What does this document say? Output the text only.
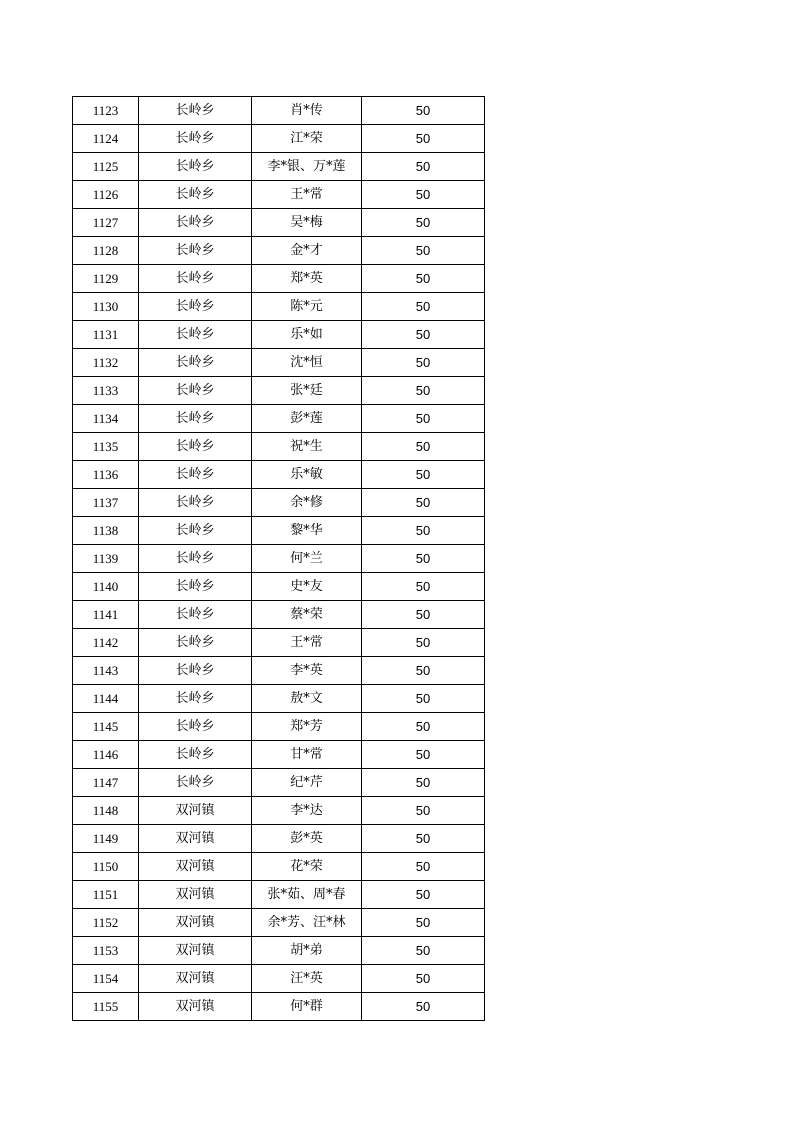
1123	长岭乡	肖*传	50
1124	长岭乡	江*荣	50
1125	长岭乡	李*银、万*莲	50
1126	长岭乡	王*常	50
1127	长岭乡	吴*梅	50
1128	长岭乡	金*才	50
1129	长岭乡	郑*英	50
1130	长岭乡	陈*元	50
1131	长岭乡	乐*如	50
1132	长岭乡	沈*恒	50
1133	长岭乡	张*廷	50
1134	长岭乡	彭*莲	50
1135	长岭乡	祝*生	50
1136	长岭乡	乐*敏	50
1137	长岭乡	余*修	50
1138	长岭乡	黎*华	50
1139	长岭乡	何*兰	50
1140	长岭乡	史*友	50
1141	长岭乡	蔡*荣	50
1142	长岭乡	王*常	50
1143	长岭乡	李*英	50
1144	长岭乡	敖*文	50
1145	长岭乡	郑*芳	50
1146	长岭乡	甘*常	50
1147	长岭乡	纪*芹	50
1148	双河镇	李*达	50
1149	双河镇	彭*英	50
1150	双河镇	花*荣	50
1151	双河镇	张*茹、周*春	50
1152	双河镇	余*芳、汪*林	50
1153	双河镇	胡*弟	50
1154	双河镇	汪*英	50
1155	双河镇	何*群	50
